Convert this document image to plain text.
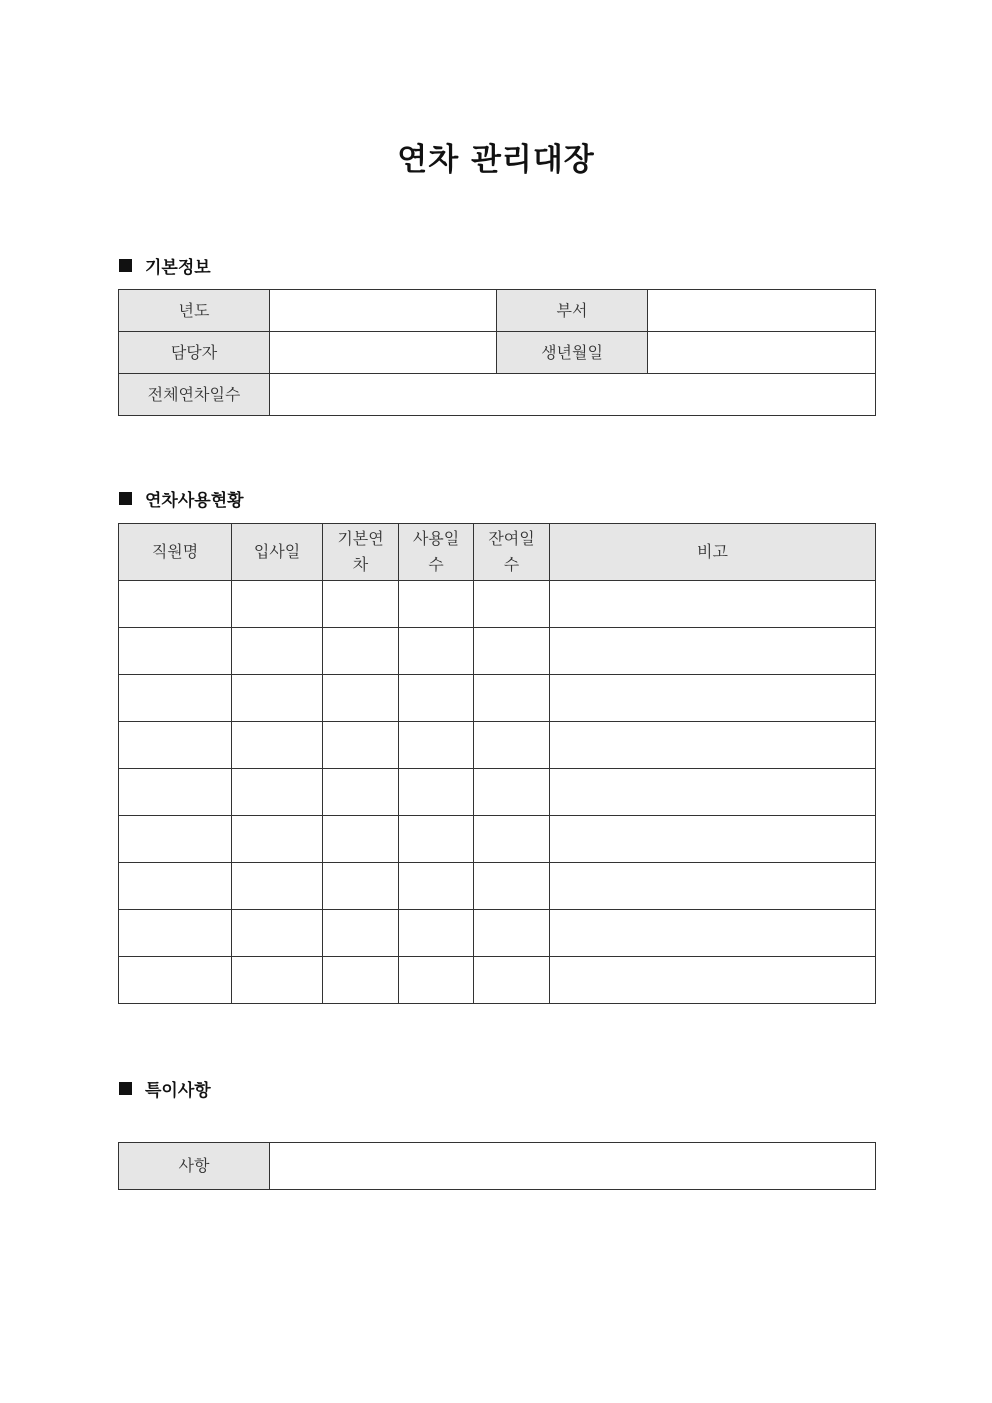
연차 관리대장
기본정보
년도		부서	
담당자		생년월일	
전체연차일수			
연차사용현황
직원명	입사일	기본연차	사용일수	잔여일수	비고

특이사항
사항	
